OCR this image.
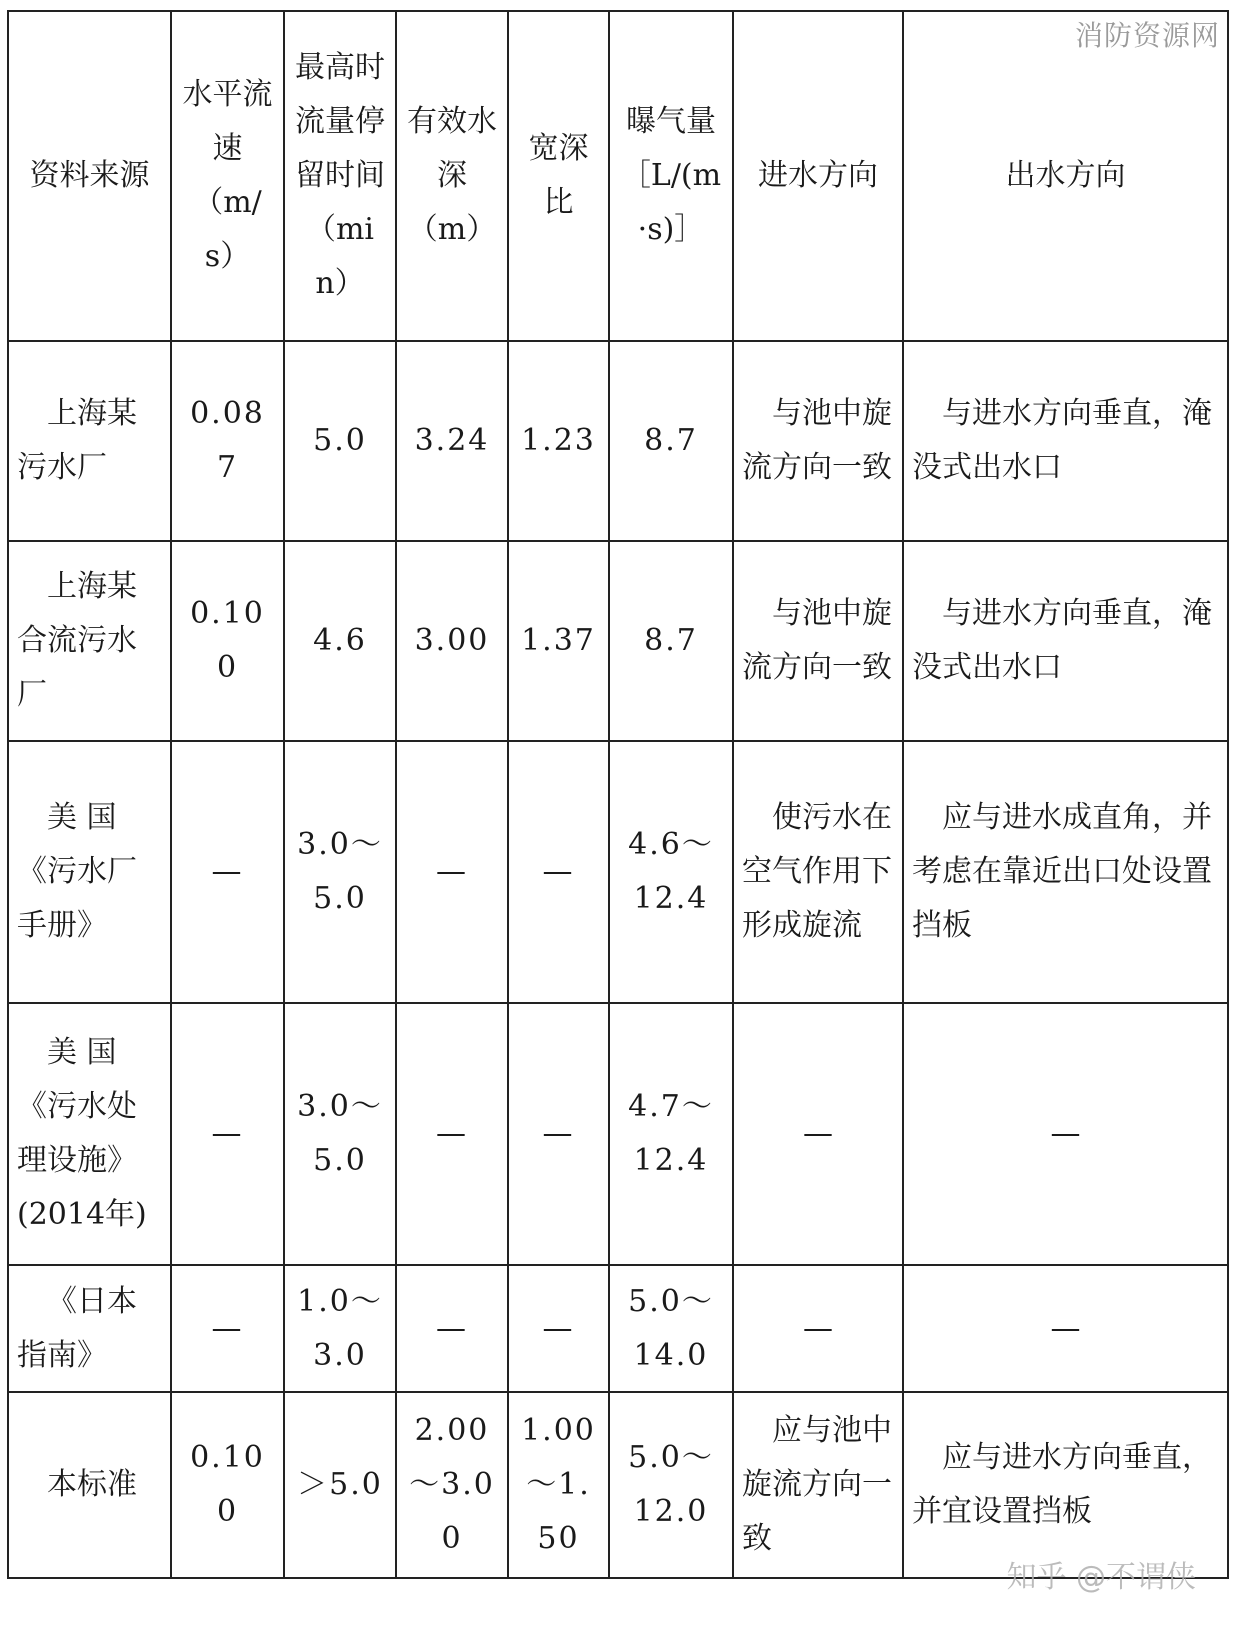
消防资源网
资料来源	水平流速（m/s）	最高时流量停留时间（min）	有效水深（m）	宽深比	曝气量［L/(m·s)］	进水方向	出水方向
上海某污水厂	0.087	5.0	3.24	1.23	8.7	与池中旋流方向一致	与进水方向垂直，淹没式出水口
上海某合流污水厂	0.100	4.6	3.00	1.37	8.7	与池中旋流方向一致	与进水方向垂直，淹没式出水口
美 国《污水厂手册》	—	3.0～5.0	—	—	4.6～12.4	使污水在空气作用下形成旋流	应与进水成直角，并考虑在靠近出口处设置挡板
美 国《污水处理设施》(2014年)	—	3.0～5.0	—	—	4.7～12.4	—	—
《日本指南》	—	1.0～3.0	—	—	5.0～14.0	—	—
本标准	0.100	＞5.0	2.00～3.00	1.00～1.50	5.0～12.0	应与池中旋流方向一致	应与进水方向垂直，并宜设置挡板
知乎 @不谓侠
